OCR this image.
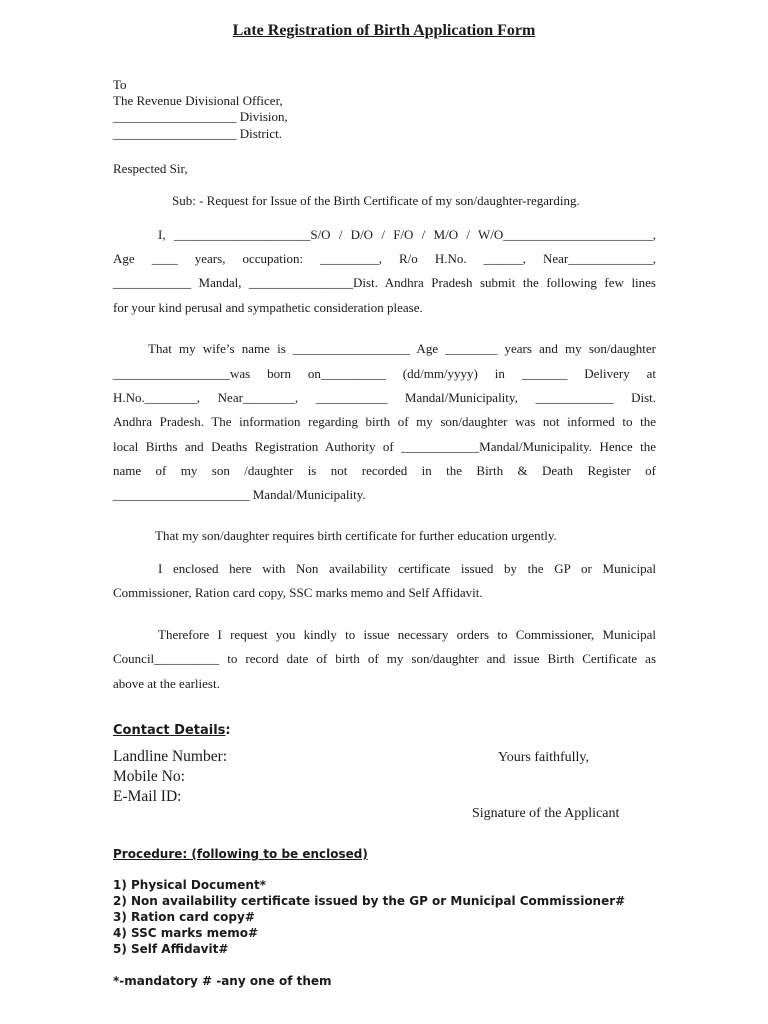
Late Registration of Birth Application Form
To
The Revenue Divisional Officer,
___________________ Division,
___________________ District.
Respected Sir,
Sub: - Request for Issue of the Birth Certificate of my son/daughter-regarding.
I, _____________________S/O / D/O / F/O / M/O / W/O_______________________,
Age ____ years, occupation: _________, R/o H.No. ______, Near_____________,
____________ Mandal, ________________Dist. Andhra Pradesh submit the following few lines
for your kind perusal and sympathetic consideration please.
That my wife’s name is __________________ Age ________ years and my son/daughter
__________________was born on__________ (dd/mm/yyyy) in _______ Delivery at
H.No.________, Near________, ___________ Mandal/Municipality, ____________ Dist.
Andhra Pradesh. The information regarding birth of my son/daughter was not informed to the
local Births and Deaths Registration Authority of ____________Mandal/Municipality. Hence the
name of my son /daughter is not recorded in the Birth & Death Register of
_____________________ Mandal/Municipality.
That my son/daughter requires birth certificate for further education urgently.
I enclosed here with Non availability certificate issued by the GP or Municipal
Commissioner, Ration card copy, SSC marks memo and Self Affidavit.
Therefore I request you kindly to issue necessary orders to Commissioner, Municipal
Council__________ to record date of birth of my son/daughter and issue Birth Certificate as
above at the earliest.
Contact Details:
Landline Number:
Mobile No:
E-Mail ID:
Yours faithfully,
Signature of the Applicant
Procedure: (following to be enclosed)
1) Physical Document*
2) Non availability certificate issued by the GP or Municipal Commissioner#
3) Ration card copy#
4) SSC marks memo#
5) Self Affidavit#
*-mandatory # -any one of them
